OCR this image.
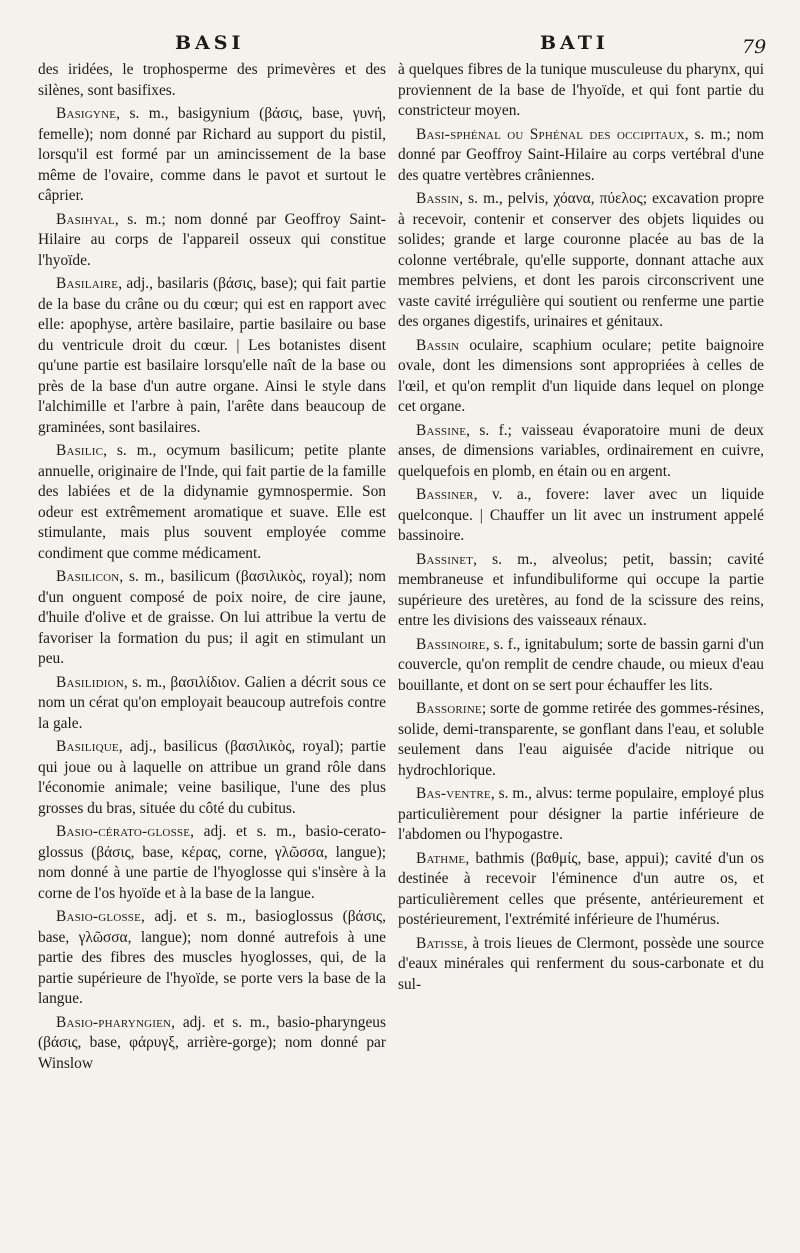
BASI	BATI	79

des iridées, le trophosperme des primevères et des silènes, sont basifixes.

Basigyne, s. m., basigynium (βάσις, base, γυνή, femelle); nom donné par Richard au support du pistil, lorsqu'il est formé par un amincissement de la base même de l'ovaire, comme dans le pavot et surtout le câprier.

Basihyal, s. m.; nom donné par Geoffroy Saint-Hilaire au corps de l'appareil osseux qui constitue l'hyoïde.

Basilaire, adj., basilaris (βάσις, base); qui fait partie de la base du crâne ou du cœur; qui est en rapport avec elle: apophyse, artère basilaire, partie basilaire ou base du ventricule droit du cœur. | Les botanistes disent qu'une partie est basilaire lorsqu'elle naît de la base ou près de la base d'un autre organe. Ainsi le style dans l'alchimille et l'arbre à pain, l'arête dans beaucoup de graminées, sont basilaires.

Basilic, s. m., ocymum basilicum; petite plante annuelle, originaire de l'Inde, qui fait partie de la famille des labiées et de la didynamie gymnospermie. Son odeur est extrêmement aromatique et suave. Elle est stimulante, mais plus souvent employée comme condiment que comme médicament.

Basilicon, s. m., basilicum (βασιλικὸς, royal); nom d'un onguent composé de poix noire, de cire jaune, d'huile d'olive et de graisse. On lui attribue la vertu de favoriser la formation du pus; il agit en stimulant un peu.

Basilidion, s. m., βασιλίδιον. Galien a décrit sous ce nom un cérat qu'on employait beaucoup autrefois contre la gale.

Basilique, adj., basilicus (βασιλικὸς, royal); partie qui joue ou à laquelle on attribue un grand rôle dans l'économie animale; veine basilique, l'une des plus grosses du bras, située du côté du cubitus.

Basio-cérato-glosse, adj. et s. m., basio-cerato-glossus (βάσις, base, κέρας, corne, γλῶσσα, langue); nom donné à une partie de l'hyoglosse qui s'insère à la corne de l'os hyoïde et à la base de la langue.

Basio-glosse, adj. et s. m., basioglossus (βάσις, base, γλῶσσα, langue); nom donné autrefois à une partie des fibres des muscles hyoglosses, qui, de la partie supérieure de l'hyoïde, se porte vers la base de la langue.

Basio-pharyngien, adj. et s. m., basio-pharyngeus (βάσις, base, φάρυγξ, arrière-gorge); nom donné par Winslow

à quelques fibres de la tunique musculeuse du pharynx, qui proviennent de la base de l'hyoïde, et qui font partie du constricteur moyen.

Basi-sphénal ou Sphénal des occipitaux, s. m.; nom donné par Geoffroy Saint-Hilaire au corps vertébral d'une des quatre vertèbres crâniennes.

Bassin, s. m., pelvis, χόανα, πύελος; excavation propre à recevoir, contenir et conserver des objets liquides ou solides; grande et large couronne placée au bas de la colonne vertébrale, qu'elle supporte, donnant attache aux membres pelviens, et dont les parois circonscrivent une vaste cavité irrégulière qui soutient ou renferme une partie des organes digestifs, urinaires et génitaux.

Bassin oculaire, scaphium oculare; petite baignoire ovale, dont les dimensions sont appropriées à celles de l'œil, et qu'on remplit d'un liquide dans lequel on plonge cet organe.

Bassine, s. f.; vaisseau évaporatoire muni de deux anses, de dimensions variables, ordinairement en cuivre, quelquefois en plomb, en étain ou en argent.

Bassiner, v. a., fovere: laver avec un liquide quelconque. | Chauffer un lit avec un instrument appelé bassinoire.

Bassinet, s. m., alveolus; petit, bassin; cavité membraneuse et infundibuliforme qui occupe la partie supérieure des uretères, au fond de la scissure des reins, entre les divisions des vaisseaux rénaux.

Bassinoire, s. f., ignitabulum; sorte de bassin garni d'un couvercle, qu'on remplit de cendre chaude, ou mieux d'eau bouillante, et dont on se sert pour échauffer les lits.

Bassorine; sorte de gomme retirée des gommes-résines, solide, demi-transparente, se gonflant dans l'eau, et soluble seulement dans l'eau aiguisée d'acide nitrique ou hydrochlorique.

Bas-ventre, s. m., alvus: terme populaire, employé plus particulièrement pour désigner la partie inférieure de l'abdomen ou l'hypogastre.

Bathme, bathmis (βαθμίς, base, appui); cavité d'un os destinée à recevoir l'éminence d'un autre os, et particulièrement celles que présente, antérieurement et postérieurement, l'extrémité inférieure de l'humérus.

Batisse, à trois lieues de Clermont, possède une source d'eaux minérales qui renferment du sous-carbonate et du sul-
